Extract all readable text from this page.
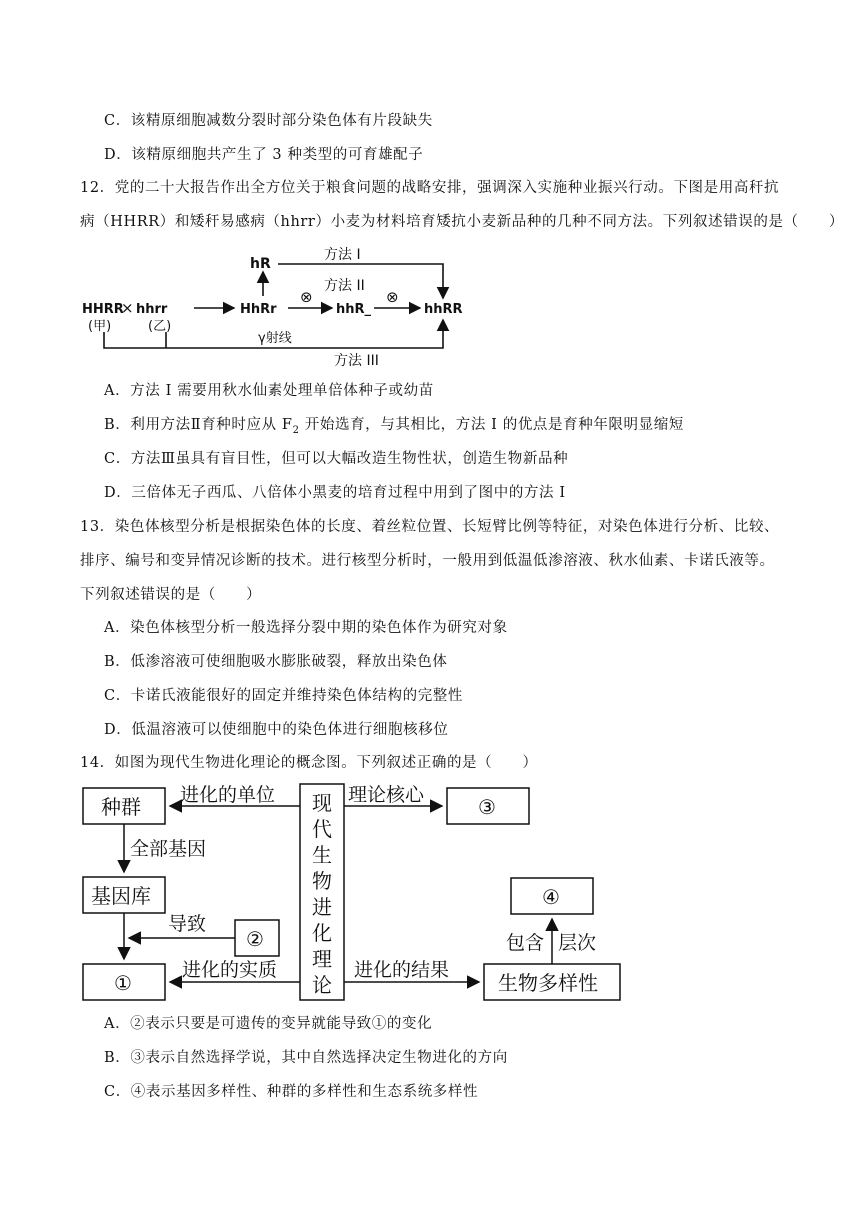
C．该精原细胞减数分裂时部分染色体有片段缺失
D．该精原细胞共产生了 3 种类型的可育雄配子
12．党的二十大报告作出全方位关于粮食问题的战略安排，强调深入实施种业振兴行动。下图是用高秆抗
病（HHRR）和矮秆易感病（hhrr）小麦为材料培育矮抗小麦新品种的几种不同方法。下列叙述错误的是（　　）
hR
方法 I
方法 II
HHRR
× hhrr
(甲)	(乙)
HhRr
⊗
hhR_
⊗
hhRR
γ射线
方法 III
A．方法 I 需要用秋水仙素处理单倍体种子或幼苗
B．利用方法Ⅱ育种时应从 $F_2$ 开始选育，与其相比，方法 I 的优点是育种年限明显缩短
C．方法Ⅲ虽具有盲目性，但可以大幅改造生物性状，创造生物新品种
D．三倍体无子西瓜、八倍体小黑麦的培育过程中用到了图中的方法 I
13．染色体核型分析是根据染色体的长度、着丝粒位置、长短臂比例等特征，对染色体进行分析、比较、
排序、编号和变异情况诊断的技术。进行核型分析时，一般用到低温低渗溶液、秋水仙素、卡诺氏液等。
下列叙述错误的是（　　）
A．染色体核型分析一般选择分裂中期的染色体作为研究对象
B．低渗溶液可使细胞吸水膨胀破裂，释放出染色体
C．卡诺氏液能很好的固定并维持染色体结构的完整性
D．低温溶液可以使细胞中的染色体进行细胞核移位
14．如图为现代生物进化理论的概念图。下列叙述正确的是（　　）
种群
基因库
①
③
②
④
生物多样性
现
代
生
物
进
化
理
论
进化的单位	理论核心
全部基因
导致
进化的实质	进化的结果
包含 层次
A．②表示只要是可遗传的变异就能导致①的变化
B．③表示自然选择学说，其中自然选择决定生物进化的方向
C．④表示基因多样性、种群的多样性和生态系统多样性
